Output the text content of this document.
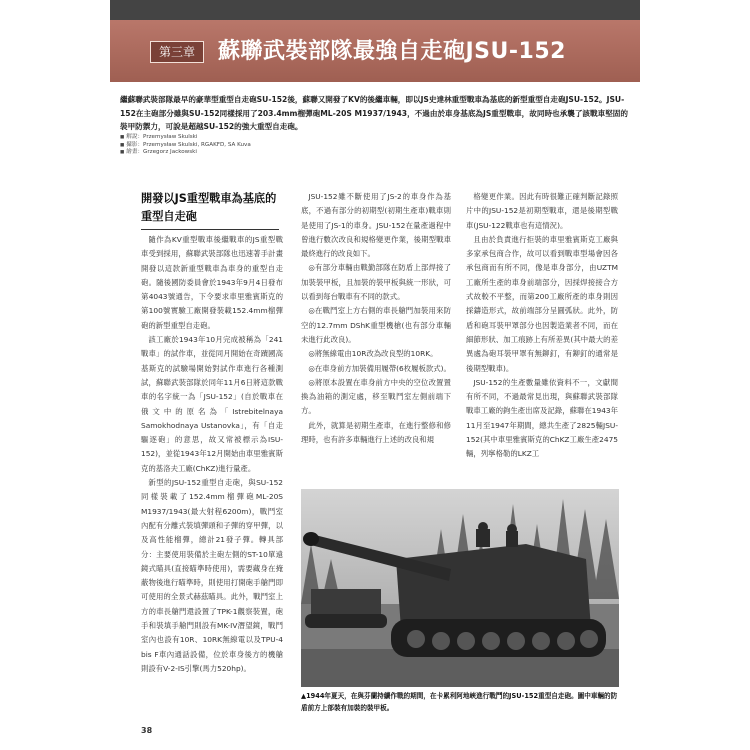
第三章	蘇聯武裝部隊最強自走砲JSU-152
繼蘇聯武裝部隊最早的豪華型重型自走砲SU-152後，蘇聯又開發了KV的後繼車輛，即以JS史達林重型戰車為基底的新型重型自走砲JSU-152。JSU-152在主砲部分雖與SU-152同樣採用了203.4mm榴彈砲ML-20S M1937/1943，不過由於車身基底為JS重型戰車，故同時也承襲了該戰車堅固的裝甲防禦力，可說是超越SU-152的強大重型自走砲。
■ 解說：Przemysław Skulski
■ 攝影：Przemysław Skulski, RGAKFD, SA Kuva
■ 繪畫：Grzegorz Jackowski
開發以JS重型戰車為基底的重型自走砲

隨作為KV重型戰車後繼戰車的JS重型戰車受到採用，蘇聯武裝部隊也迅速著手計畫開發以這款新重型戰車為車身的重型自走砲。隨後國防委員會於1943年9月4日發布第4043號通告，下令要求車里雅賓斯克的第100號實驗工廠開發裝載152.4mm榴彈砲的新型重型自走砲。

該工廠於1943年10月完成被稱為「241戰車」的試作車，並從同月開始在奇蹟國高基斯克的試驗場開始對試作車進行各種測試，蘇聯武裝部隊於同年11月6日將這款戰車的名字統一為「JSU-152」(自於戰車在俄文中的原名為「Istrebitelnaya Samokhodnaya Ustanovka」，有「自走驅逐砲」的意思，故又常被標示為ISU-152)，並從1943年12月開始由車里雅賓斯克的基洛夫工廠(ChKZ)進行量產。

新型的JSU-152重型自走砲，與SU-152同樣裝載了152.4mm榴彈砲ML-20S M1937/1943(最大射程6200m)，戰鬥室內配有分離式裝填彈頭和子彈的穿甲彈，以及高性能榴彈，總計21發子彈。轉具部分：主要使用裝備於主砲左側的ST-10單遠鏡式瞄具(直接瞄準時使用)，需要藏身在掩蔽物後進行瞄準時，則使用打開砲手艙門即可使用的全景式赫茲瞄具。此外，戰鬥室上方的車長艙門還設置了TPK-1觀察裝置，砲手和裝填手艙門則設有MK-IV潛望鏡，戰鬥室內也設有10R、10RK無線電以及TPU-4 bis F車內通話設備，位於車身後方的機艙則設有V-2-IS引擎(馬力520hp)。

JSU-152雖不斷使用了JS-2的車身作為基底，不過有部分的初期型(初期生產車)戰車則是使用了JS-1的車身。JSU-152在量產過程中曾進行數次改良和規格變更作業，後期型戰車最終進行的改良如下。

◎有部分車輛由戰勤部隊在防盾上部焊接了加裝裝甲板，且加裝的裝甲板與統一形狀，可以看到每台戰車有不同的款式。

◎在戰鬥室上方右側的車長艙門加裝用來防空的12.7mm DShK重型機槍(也有部分車輛未進行此改良)。

◎將無線電由10R改為改良型的10RK。

◎在車身前方加裝備用履帶(6枚履板款式)。

◎將原本設置在車身前方中央的空位改置置換為油箱的測定處，移至戰鬥室左側前端下方。

此外，就算是初期生產車，在進行整修和修理時，也有許多車輛進行上述的改良和規

格變更作業。因此有時很難正確判斷記錄照片中的JSU-152是初期型戰車，還是後期型戰車(JSU-122戰車也有這情況)。

且由於負責進行拒裝的車里雅賓斯克工廠與多家承包商合作，故可以看到戰車型場會因各承包商而有所不同，像是車身部分，由UZTM工廠所生產的車身前端部分，因採焊接接合方式故較不平整，而第200工廠所產的車身則因採鑄造形式，故前端部分呈圓弧狀。此外，防盾和砲耳裝甲罩部分也因製造業者不同，而在細節形狀、加工痕跡上有所差異(其中最大的差異處為砲耳裝甲罩有無鉚釘，有鉚釘的通常是後期型戰車)。

JSU-152的生產數量雖依資料不一，文獻間有所不同，不過最常見出現，與蘇聯武裝部隊戰車工廠的鉤生產出席及記錄，蘇聯在1943年11月至1947年期間，總共生產了2825輛JSU-152(其中車里雅賓斯克的ChKZ工廠生產2475輛，列寧格勒的LKZ工

▲1944年夏天，在與芬蘭持續作戰的期間，在卡累利阿地峽進行戰鬥的JSU-152重型自走砲。圖中車輛的防盾前方上部裝有加裝的裝甲板。
38
